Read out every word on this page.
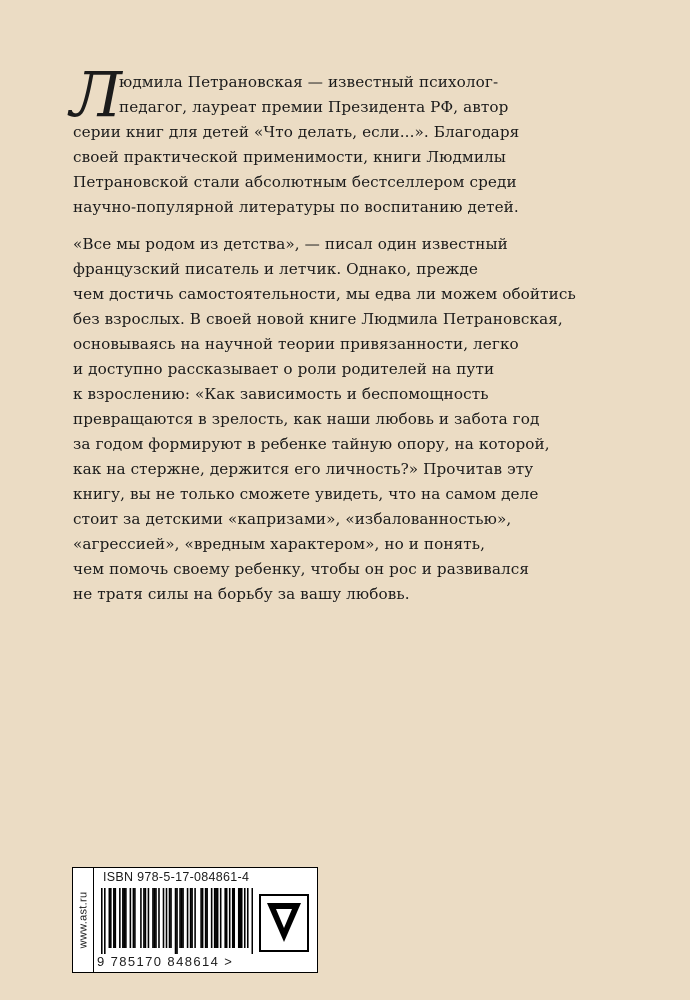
Л
юдмила Петрановская — известный психолог-
педагог, лауреат премии Президента РФ, автор
серии книг для детей «Что делать, если...». Благодаря
своей практической применимости, книги Людмилы
Петрановской стали абсолютным бестселлером среди
научно-популярной литературы по воспитанию детей.
«Все мы родом из детства», — писал один известный
французский писатель и летчик. Однако, прежде
чем достичь самостоятельности, мы едва ли можем обойтись
без взрослых. В своей новой книге Людмила Петрановская,
основываясь на научной теории привязанности, легко
и доступно рассказывает о роли родителей на пути
к взрослению: «Как зависимость и беспомощность
превращаются в зрелость, как наши любовь и забота год
за годом формируют в ребенке тайную опору, на которой,
как на стержне, держится его личность?» Прочитав эту
книгу, вы не только сможете увидеть, что на самом деле
стоит за детскими «капризами», «избалованностью»,
«агрессией», «вредным характером», но и понять,
чем помочь своему ребенку, чтобы он рос и развивался
не тратя силы на борьбу за вашу любовь.
www.ast.ru
ISBN 978-5-17-084861-4
9 785170 848614 >
